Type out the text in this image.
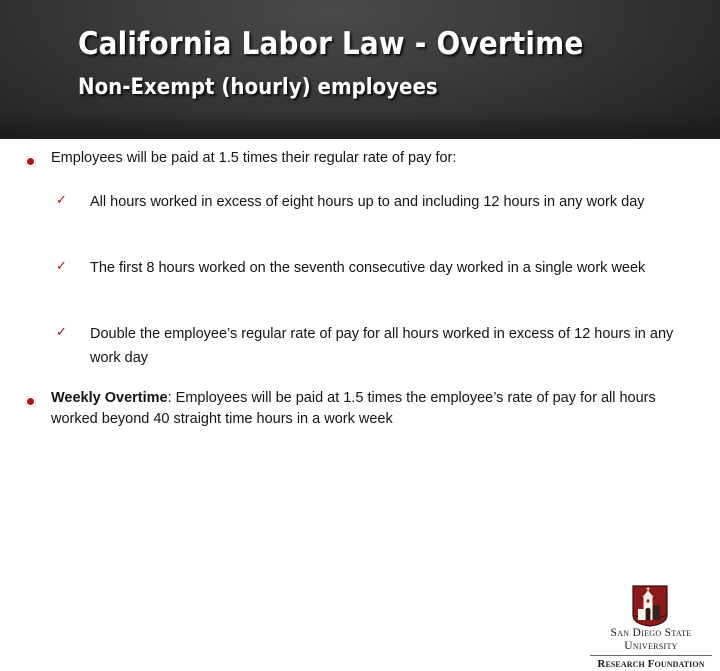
California Labor Law - Overtime
Non-Exempt (hourly) employees
Employees will be paid at 1.5 times their regular rate of pay for:
✓	All hours worked in excess of eight hours up to and including 12 hours in any work day
✓	The first 8 hours worked on the seventh consecutive day worked in a single work week
✓	Double the employee’s regular rate of pay for all hours worked in excess of 12 hours in any work day
Weekly Overtime: Employees will be paid at 1.5 times the employee’s rate of pay for all hours worked beyond 40 straight time hours in a work week
San Diego State
University
Research Foundation
